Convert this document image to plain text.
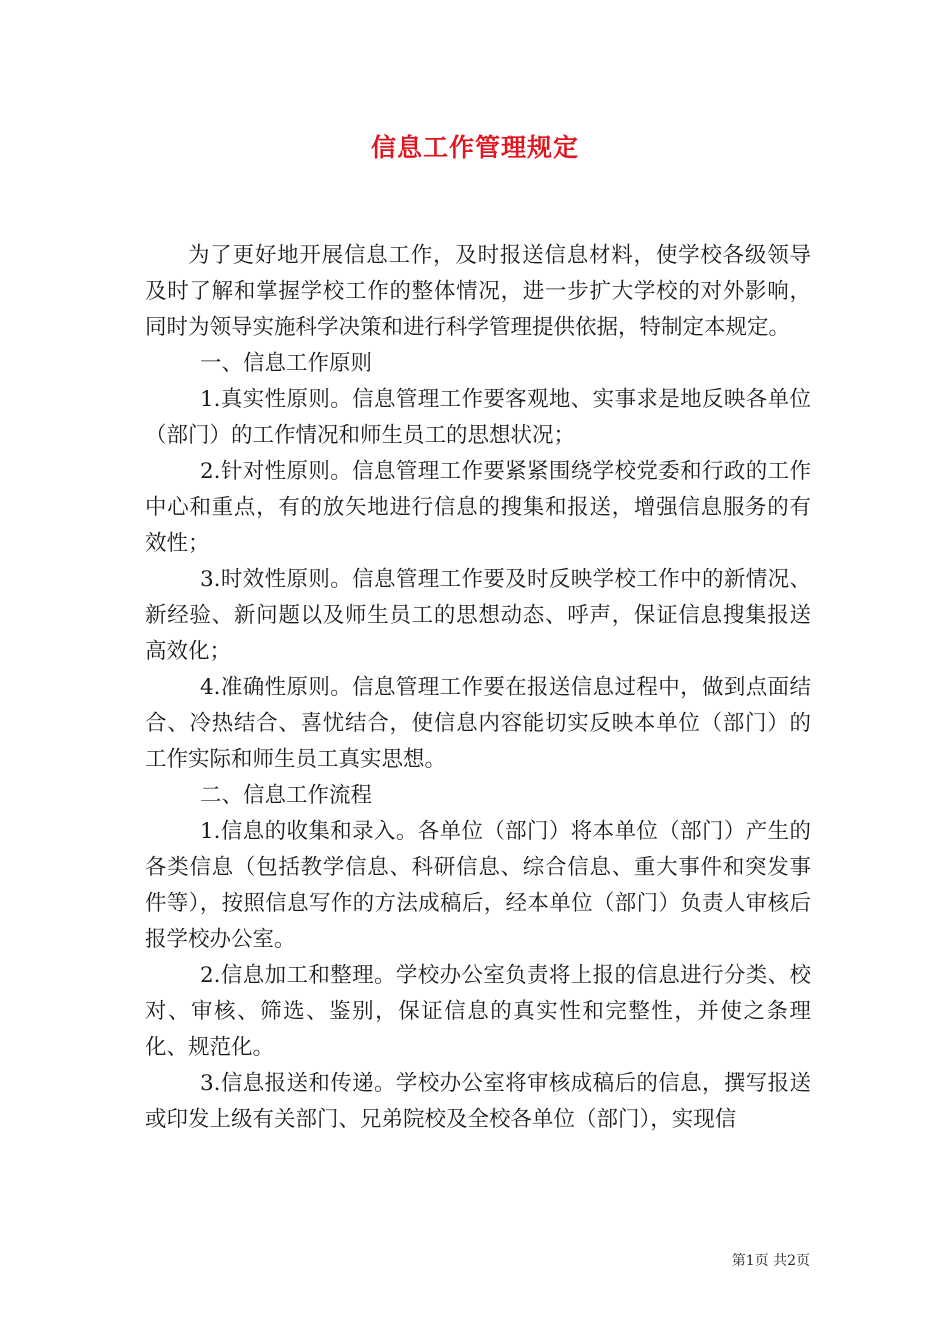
信息工作管理规定

为了更好地开展信息工作，及时报送信息材料，使学校各级领导及时了解和掌握学校工作的整体情况，进一步扩大学校的对外影响，同时为领导实施科学决策和进行科学管理提供依据，特制定本规定。

一、信息工作原则

1.真实性原则。信息管理工作要客观地、实事求是地反映各单位（部门）的工作情况和师生员工的思想状况；

2.针对性原则。信息管理工作要紧紧围绕学校党委和行政的工作中心和重点，有的放矢地进行信息的搜集和报送，增强信息服务的有效性；

3.时效性原则。信息管理工作要及时反映学校工作中的新情况、新经验、新问题以及师生员工的思想动态、呼声，保证信息搜集报送高效化；

4.准确性原则。信息管理工作要在报送信息过程中，做到点面结合、冷热结合、喜忧结合，使信息内容能切实反映本单位（部门）的工作实际和师生员工真实思想。

二、信息工作流程

1.信息的收集和录入。各单位（部门）将本单位（部门）产生的各类信息（包括教学信息、科研信息、综合信息、重大事件和突发事件等），按照信息写作的方法成稿后，经本单位（部门）负责人审核后报学校办公室。

2.信息加工和整理。学校办公室负责将上报的信息进行分类、校对、审核、筛选、鉴别，保证信息的真实性和完整性，并使之条理化、规范化。

3.信息报送和传递。学校办公室将审核成稿后的信息，撰写报送或印发上级有关部门、兄弟院校及全校各单位（部门），实现信

第1页 共2页
